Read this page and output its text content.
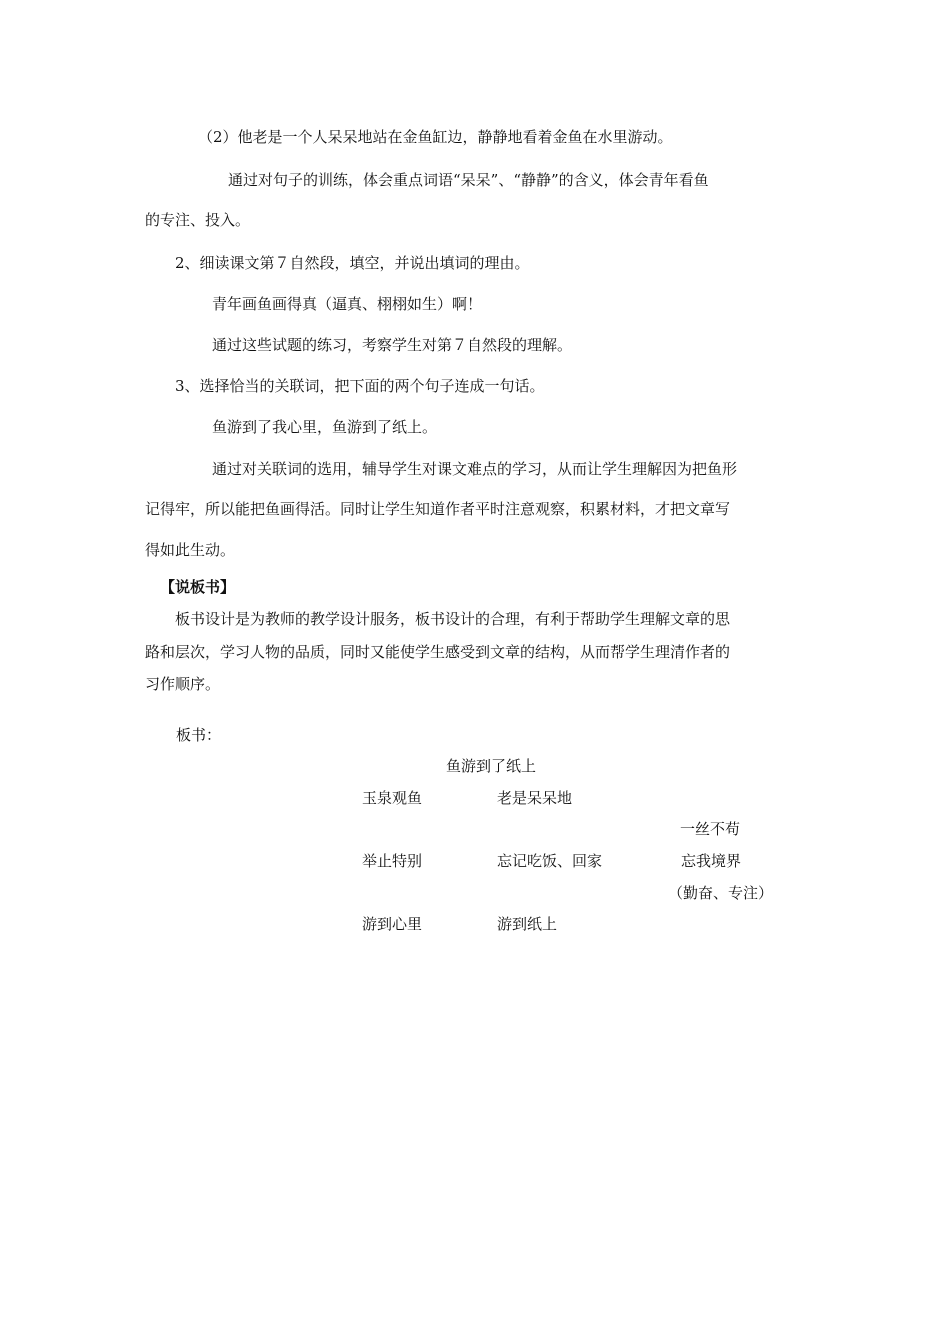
（2）他老是一个人呆呆地站在金鱼缸边，静静地看着金鱼在水里游动。
通过对句子的训练，体会重点词语“呆呆”、“静静”的含义，体会青年看鱼
的专注、投入。
2、细读课文第７自然段，填空，并说出填词的理由。
青年画鱼画得真（逼真、栩栩如生）啊！
通过这些试题的练习，考察学生对第７自然段的理解。
3、选择恰当的关联词，把下面的两个句子连成一句话。
鱼游到了我心里，鱼游到了纸上。
通过对关联词的选用，辅导学生对课文难点的学习，从而让学生理解因为把鱼形
记得牢，所以能把鱼画得活。同时让学生知道作者平时注意观察，积累材料，才把文章写
得如此生动。
【说板书】
板书设计是为教师的教学设计服务，板书设计的合理，有利于帮助学生理解文章的思
路和层次，学习人物的品质，同时又能使学生感受到文章的结构，从而帮学生理清作者的
习作顺序。
板书：
鱼游到了纸上
玉泉观鱼	老是呆呆地
一丝不苟
举止特别	忘记吃饭、回家	忘我境界
（勤奋、专注）
游到心里	游到纸上
